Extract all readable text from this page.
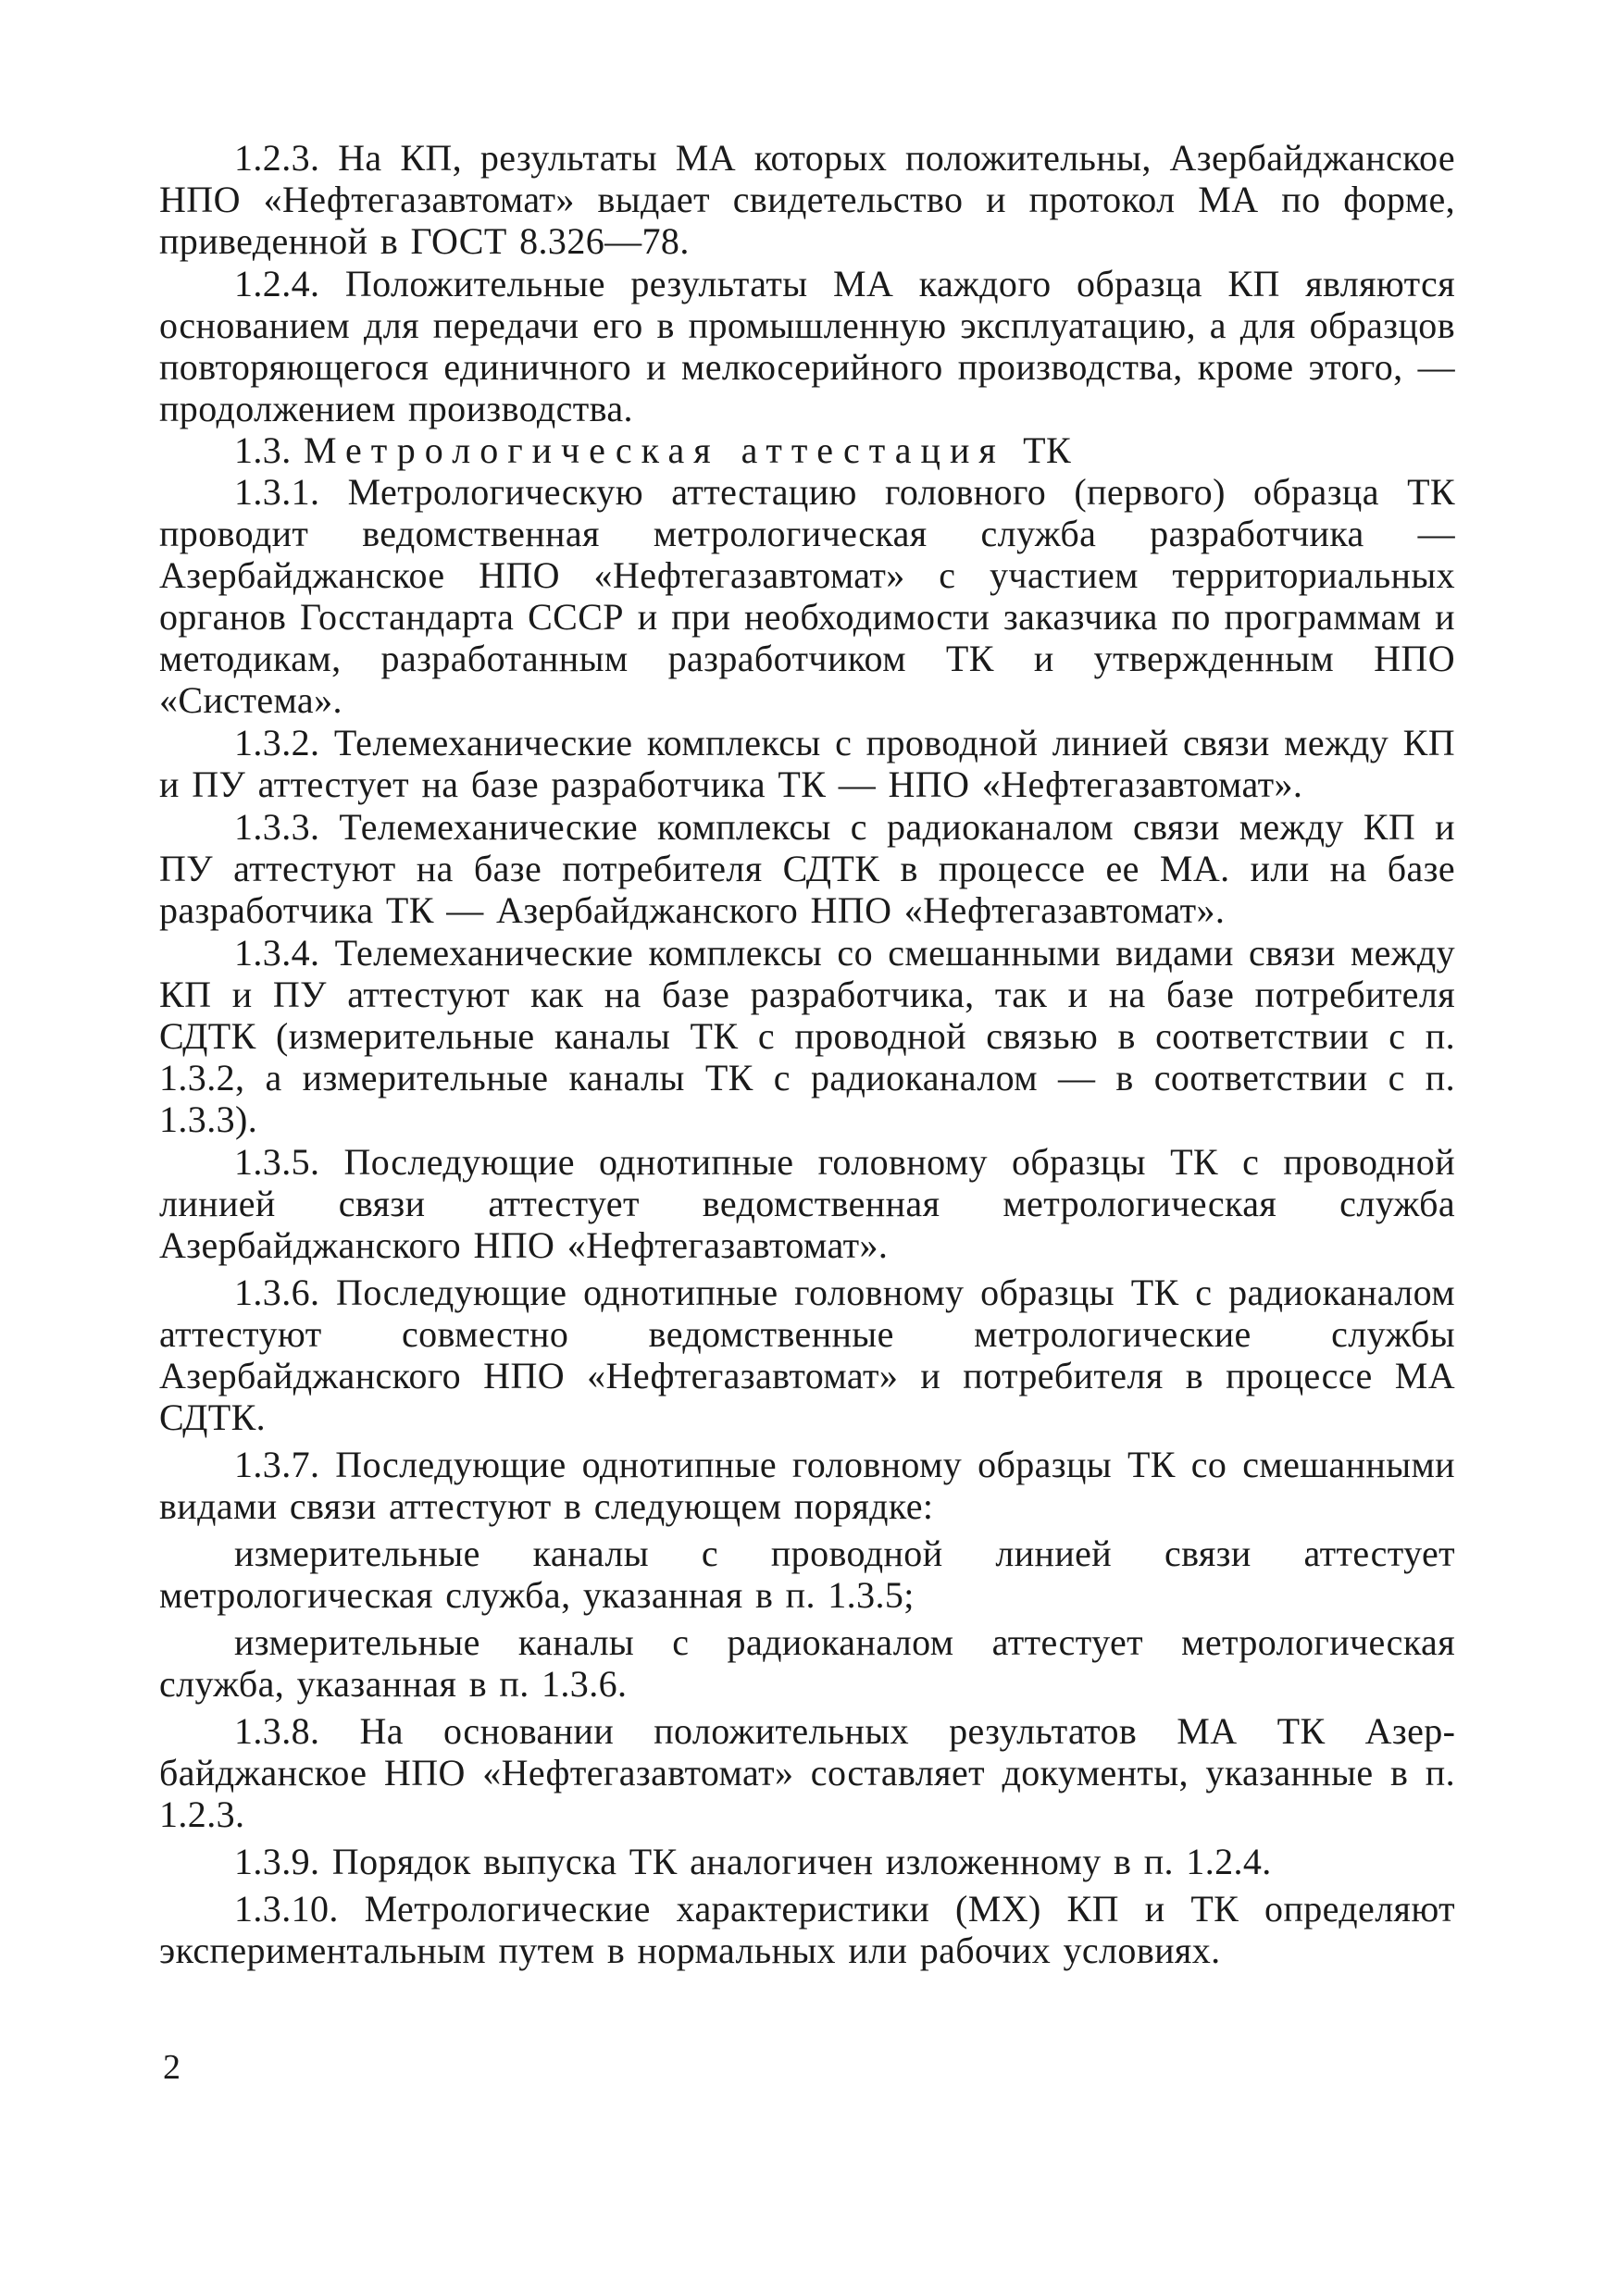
1.2.3. На КП, результаты МА которых положительны, Азербайджанское НПО «Нефтегазавтомат» выдает свидетельство и протокол МА по форме, приведенной в ГОСТ 8.326—78.

1.2.4. Положительные результаты МА каждого образца КП являются основанием для передачи его в промышленную эксплуатацию, а для образцов повторяющегося единичного и мелкосерийного производства, кроме этого, — продолжением производства.

1.3. Метрологическая аттестация ТК

1.3.1. Метрологическую аттестацию головного (первого) образца ТК проводит ведомственная метрологическая служба разработчика — Азербайджанское НПО «Нефтегазавтомат» с участием территориальных органов Госстандарта СССР и при необходимости заказчика по программам и методикам, разработанным разработчиком ТК и утвержденным НПО «Система».

1.3.2. Телемеханические комплексы с проводной линией связи между КП и ПУ аттестует на базе разработчика ТК — НПО «Нефтегазавтомат».

1.3.3. Телемеханические комплексы с радиоканалом связи между КП и ПУ аттестуют на базе потребителя СДТК в процессе ее МА. или на базе разработчика ТК — Азербайджанского НПО «Нефтегазавтомат».

1.3.4. Телемеханические комплексы со смешанными видами связи между КП и ПУ аттестуют как на базе разработчика, так и на базе потребителя СДТК (измерительные каналы ТК с проводной связью в соответствии с п. 1.3.2, а измерительные каналы ТК с радиоканалом — в соответствии с п. 1.3.3).

1.3.5. Последующие однотипные головному образцы ТК с проводной линией связи аттестует ведомственная метрологическая служба Азербайджанского НПО «Нефтегазавтомат».

1.3.6. Последующие однотипные головному образцы ТК с радиоканалом аттестуют совместно ведомственные метрологические службы Азербайджанского НПО «Нефтегазавтомат» и потребителя в процессе МА СДТК.

1.3.7. Последующие однотипные головному образцы ТК со смешанными видами связи аттестуют в следующем порядке:

измерительные каналы с проводной линией связи аттестует метрологическая служба, указанная в п. 1.3.5;

измерительные каналы с радиоканалом аттестует метрологическая служба, указанная в п. 1.3.6.

1.3.8. На основании положительных результатов МА ТК Азербайджанское НПО «Нефтегазавтомат» составляет документы, указанные в п. 1.2.3.

1.3.9. Порядок выпуска ТК аналогичен изложенному в п. 1.2.4.

1.3.10. Метрологические характеристики (МХ) КП и ТК определяют экспериментальным путем в нормальных или рабочих условиях.

2
